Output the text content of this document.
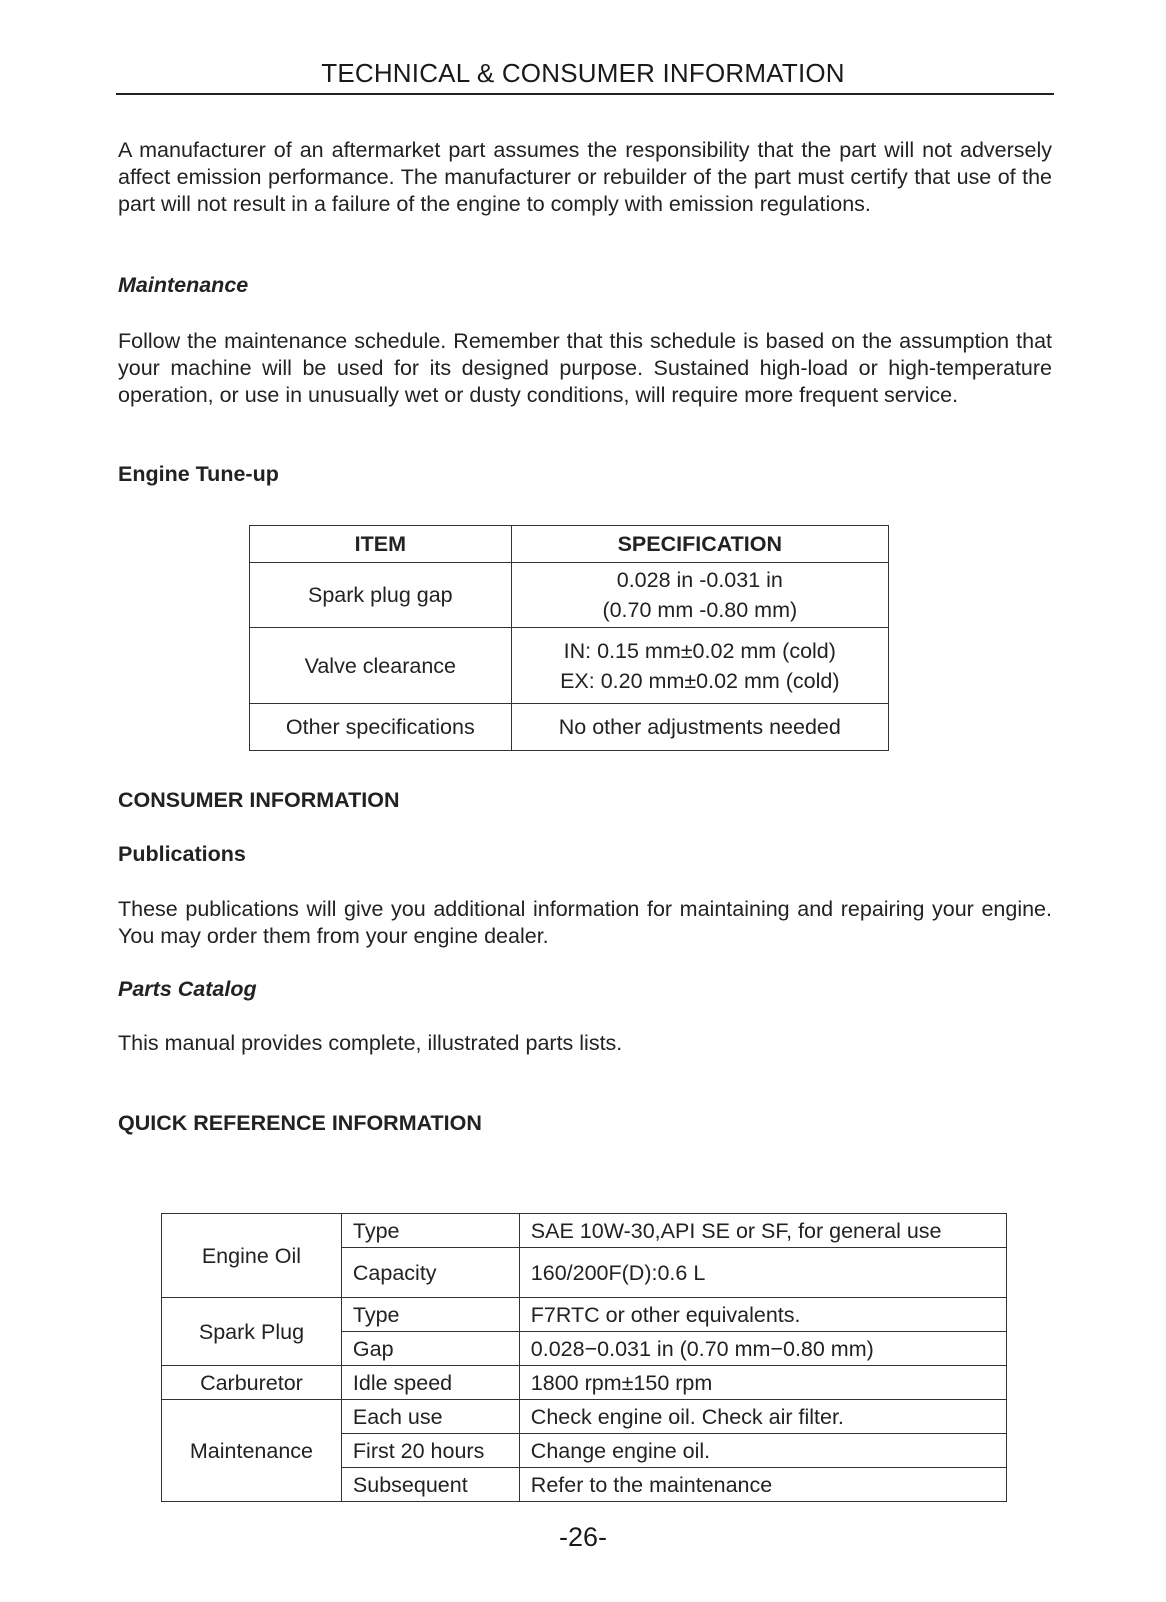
TECHNICAL & CONSUMER INFORMATION

A manufacturer of an aftermarket part assumes the responsibility that the part will not adversely affect emission performance. The manufacturer or rebuilder of the part must certify that use of the part will not result in a failure of the engine to comply with emission regulations.

Maintenance

Follow the maintenance schedule. Remember that this schedule is based on the assumption that your machine will be used for its designed purpose. Sustained high-load or high-temperature operation, or use in unusually wet or dusty conditions, will require more frequent service.

Engine Tune-up
ITEM	SPECIFICATION
Spark plug gap	0.028 in -0.031 in
(0.70 mm -0.80 mm)

Valve clearance	IN: 0.15 mm±0.02 mm (cold)
EX: 0.20 mm±0.02 mm (cold)

Other specifications	No other adjustments needed
CONSUMER INFORMATION
Publications

These publications will give you additional information for maintaining and repairing your engine. You may order them from your engine dealer.

Parts Catalog

This manual provides complete, illustrated parts lists.

QUICK REFERENCE INFORMATION
Engine Oil	Type	SAE 10W-30,API SE or SF, for general use
	Capacity	160/200F(D):0.6 L
Spark Plug	Type	F7RTC or other equivalents.
	Gap	0.028−0.031 in (0.70 mm−0.80 mm)
Carburetor	Idle speed	1800 rpm±150 rpm
Maintenance	Each use	Check engine oil. Check air filter.
	First 20 hours	Change engine oil.
	Subsequent	Refer to the maintenance
-26-
